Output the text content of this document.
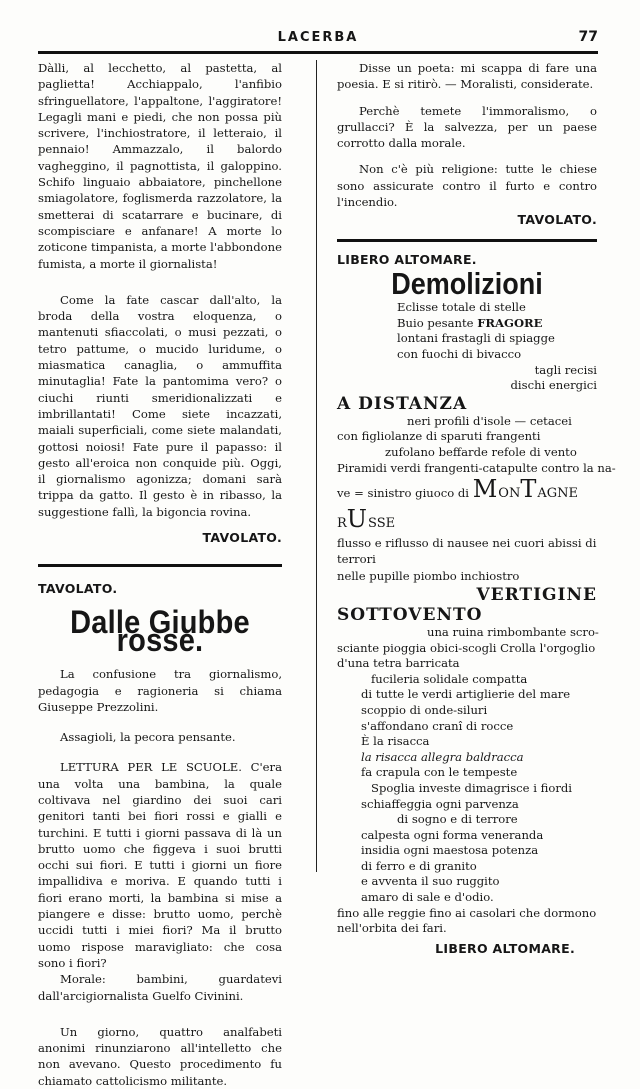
LACERBA	77

Dàlli, al lecchetto, al pastetta, al paglietta! Acchiappalo, l'anfibio sfringuellatore, l'appaltone, l'aggiratore! Legagli mani e piedi, che non possa più scrivere, l'inchiostratore, il letteraio, il pennaio! Ammazzalo, il balordo vagheggino, il pagnottista, il galoppino. Schifo linguaio abbaiatore, pinchellone smiagolatore, foglismerda razzolatore, la smetterai di scatarrare e bucinare, di scompisciare e anfanare! A morte lo zoticone timpanista, a morte l'abbondone fumista, a morte il giornalista!

Come la fate cascar dall'alto, la broda della vostra eloquenza, o mantenuti sfiaccolati, o musi pezzati, o tetro pattume, o mucido luridume, o miasmatica canaglia, o ammuffita minutaglia! Fate la pantomima vero? o ciuchi riunti smeridionalizzati e imbrillantati! Come siete incazzati, maiali superficiali, come siete malandati, gottosi noiosi! Fate pure il papasso: il gesto all'eroica non conquide più. Oggi, il giornalismo agonizza; domani sarà trippa da gatto. Il gesto è in ribasso, la suggestione fallì, la bigoncia rovina.

TAVOLATO.
TAVOLATO.
Dalle Giubbe rosse.

La confusione tra giornalismo, pedagogia e ragioneria si chiama Giuseppe Prezzolini.

Assagioli, la pecora pensante.

LETTURA PER LE SCUOLE. C'era una volta una bambina, la quale coltivava nel giardino dei suoi cari genitori tanti bei fiori rossi e gialli e turchini. E tutti i giorni passava di là un brutto uomo che figgeva i suoi brutti occhi sui fiori. E tutti i giorni un fiore impallidiva e moriva. E quando tutti i fiori erano morti, la bambina si mise a piangere e disse: brutto uomo, perchè uccidi tutti i miei fiori? Ma il brutto uomo rispose maravigliato: che cosa sono i fiori?

Morale: bambini, guardatevi dall'arcigiornalista Guelfo Civinini.

Un giorno, quattro analfabeti anonimi rinunziarono all'intelletto che non avevano. Questo procedimento fu chiamato cattolicismo militante.

Disse un poeta: mi scappa di fare una poesia. E si ritirò. — Moralisti, considerate.

Perchè temete l'immoralismo, o grullacci? È la salvezza, per un paese corrotto dalla morale.

Non c'è più religione: tutte le chiese sono assicurate contro il furto e contro l'incendio.

TAVOLATO.
LIBERO ALTOMARE.
Demolizioni
Eclisse totale di stelle
Buio pesante FRAGORE
lontani frastagli di spiagge
con fuochi di bivacco
tagli recisi
dischi energici
A DISTANZA
neri profili d'isole — cetacei
con figliolanze di sparuti frangenti
zufolano beffarde refole di vento
Piramidi verdi frangenti-catapulte contro la na-
ve = sinistro giuoco di MONTAGNE
RUSSE
flusso e riflusso di nausee nei cuori abissi di terrori
nelle pupille piombo inchiostro
VERTIGINE
SOTTOVENTO
una ruina rimbombante scro-
sciante pioggia obici-scogli Crolla l'orgoglio d'una tetra barricata
fucileria solidale compatta
di tutte le verdi artiglierie del mare
scoppio di onde-siluri
s'affondano cranî di rocce
È la risacca
la risacca allegra baldracca
fa crapula con le tempeste
Spoglia investe dimagrisce i fiordi
schiaffeggia ogni parvenza
di sogno e di terrore
calpesta ogni forma veneranda
insidia ogni maestosa potenza
di ferro e di granito
e avventa il suo ruggito
amaro di sale e d'odio.
fino alle reggie fino ai casolari che dormono nell'orbita dei fari.
LIBERO ALTOMARE.
